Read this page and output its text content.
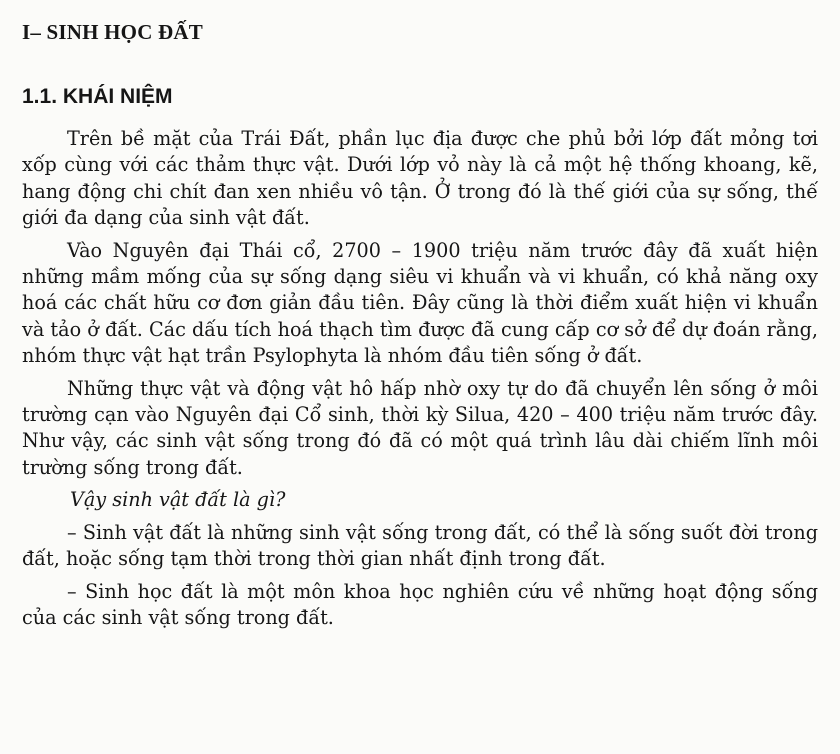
I– SINH HỌC ĐẤT
1.1. KHÁI NIỆM

Trên bề mặt của Trái Đất, phần lục địa được che phủ bởi lớp đất mỏng tơi xốp cùng với các thảm thực vật. Dưới lớp vỏ này là cả một hệ thống khoang, kẽ, hang động chi chít đan xen nhiều vô tận. Ở trong đó là thế giới của sự sống, thế giới đa dạng của sinh vật đất.

Vào Nguyên đại Thái cổ, 2700 – 1900 triệu năm trước đây đã xuất hiện những mầm mống của sự sống dạng siêu vi khuẩn và vi khuẩn, có khả năng oxy hoá các chất hữu cơ đơn giản đầu tiên. Đây cũng là thời điểm xuất hiện vi khuẩn và tảo ở đất. Các dấu tích hoá thạch tìm được đã cung cấp cơ sở để dự đoán rằng, nhóm thực vật hạt trần Psylophyta là nhóm đầu tiên sống ở đất.

Những thực vật và động vật hô hấp nhờ oxy tự do đã chuyển lên sống ở môi trường cạn vào Nguyên đại Cổ sinh, thời kỳ Silua, 420 – 400 triệu năm trước đây. Như vậy, các sinh vật sống trong đó đã có một quá trình lâu dài chiếm lĩnh môi trường sống trong đất.

Vậy sinh vật đất là gì?

– Sinh vật đất là những sinh vật sống trong đất, có thể là sống suốt đời trong đất, hoặc sống tạm thời trong thời gian nhất định trong đất.

– Sinh học đất là một môn khoa học nghiên cứu về những hoạt động sống của các sinh vật sống trong đất.
